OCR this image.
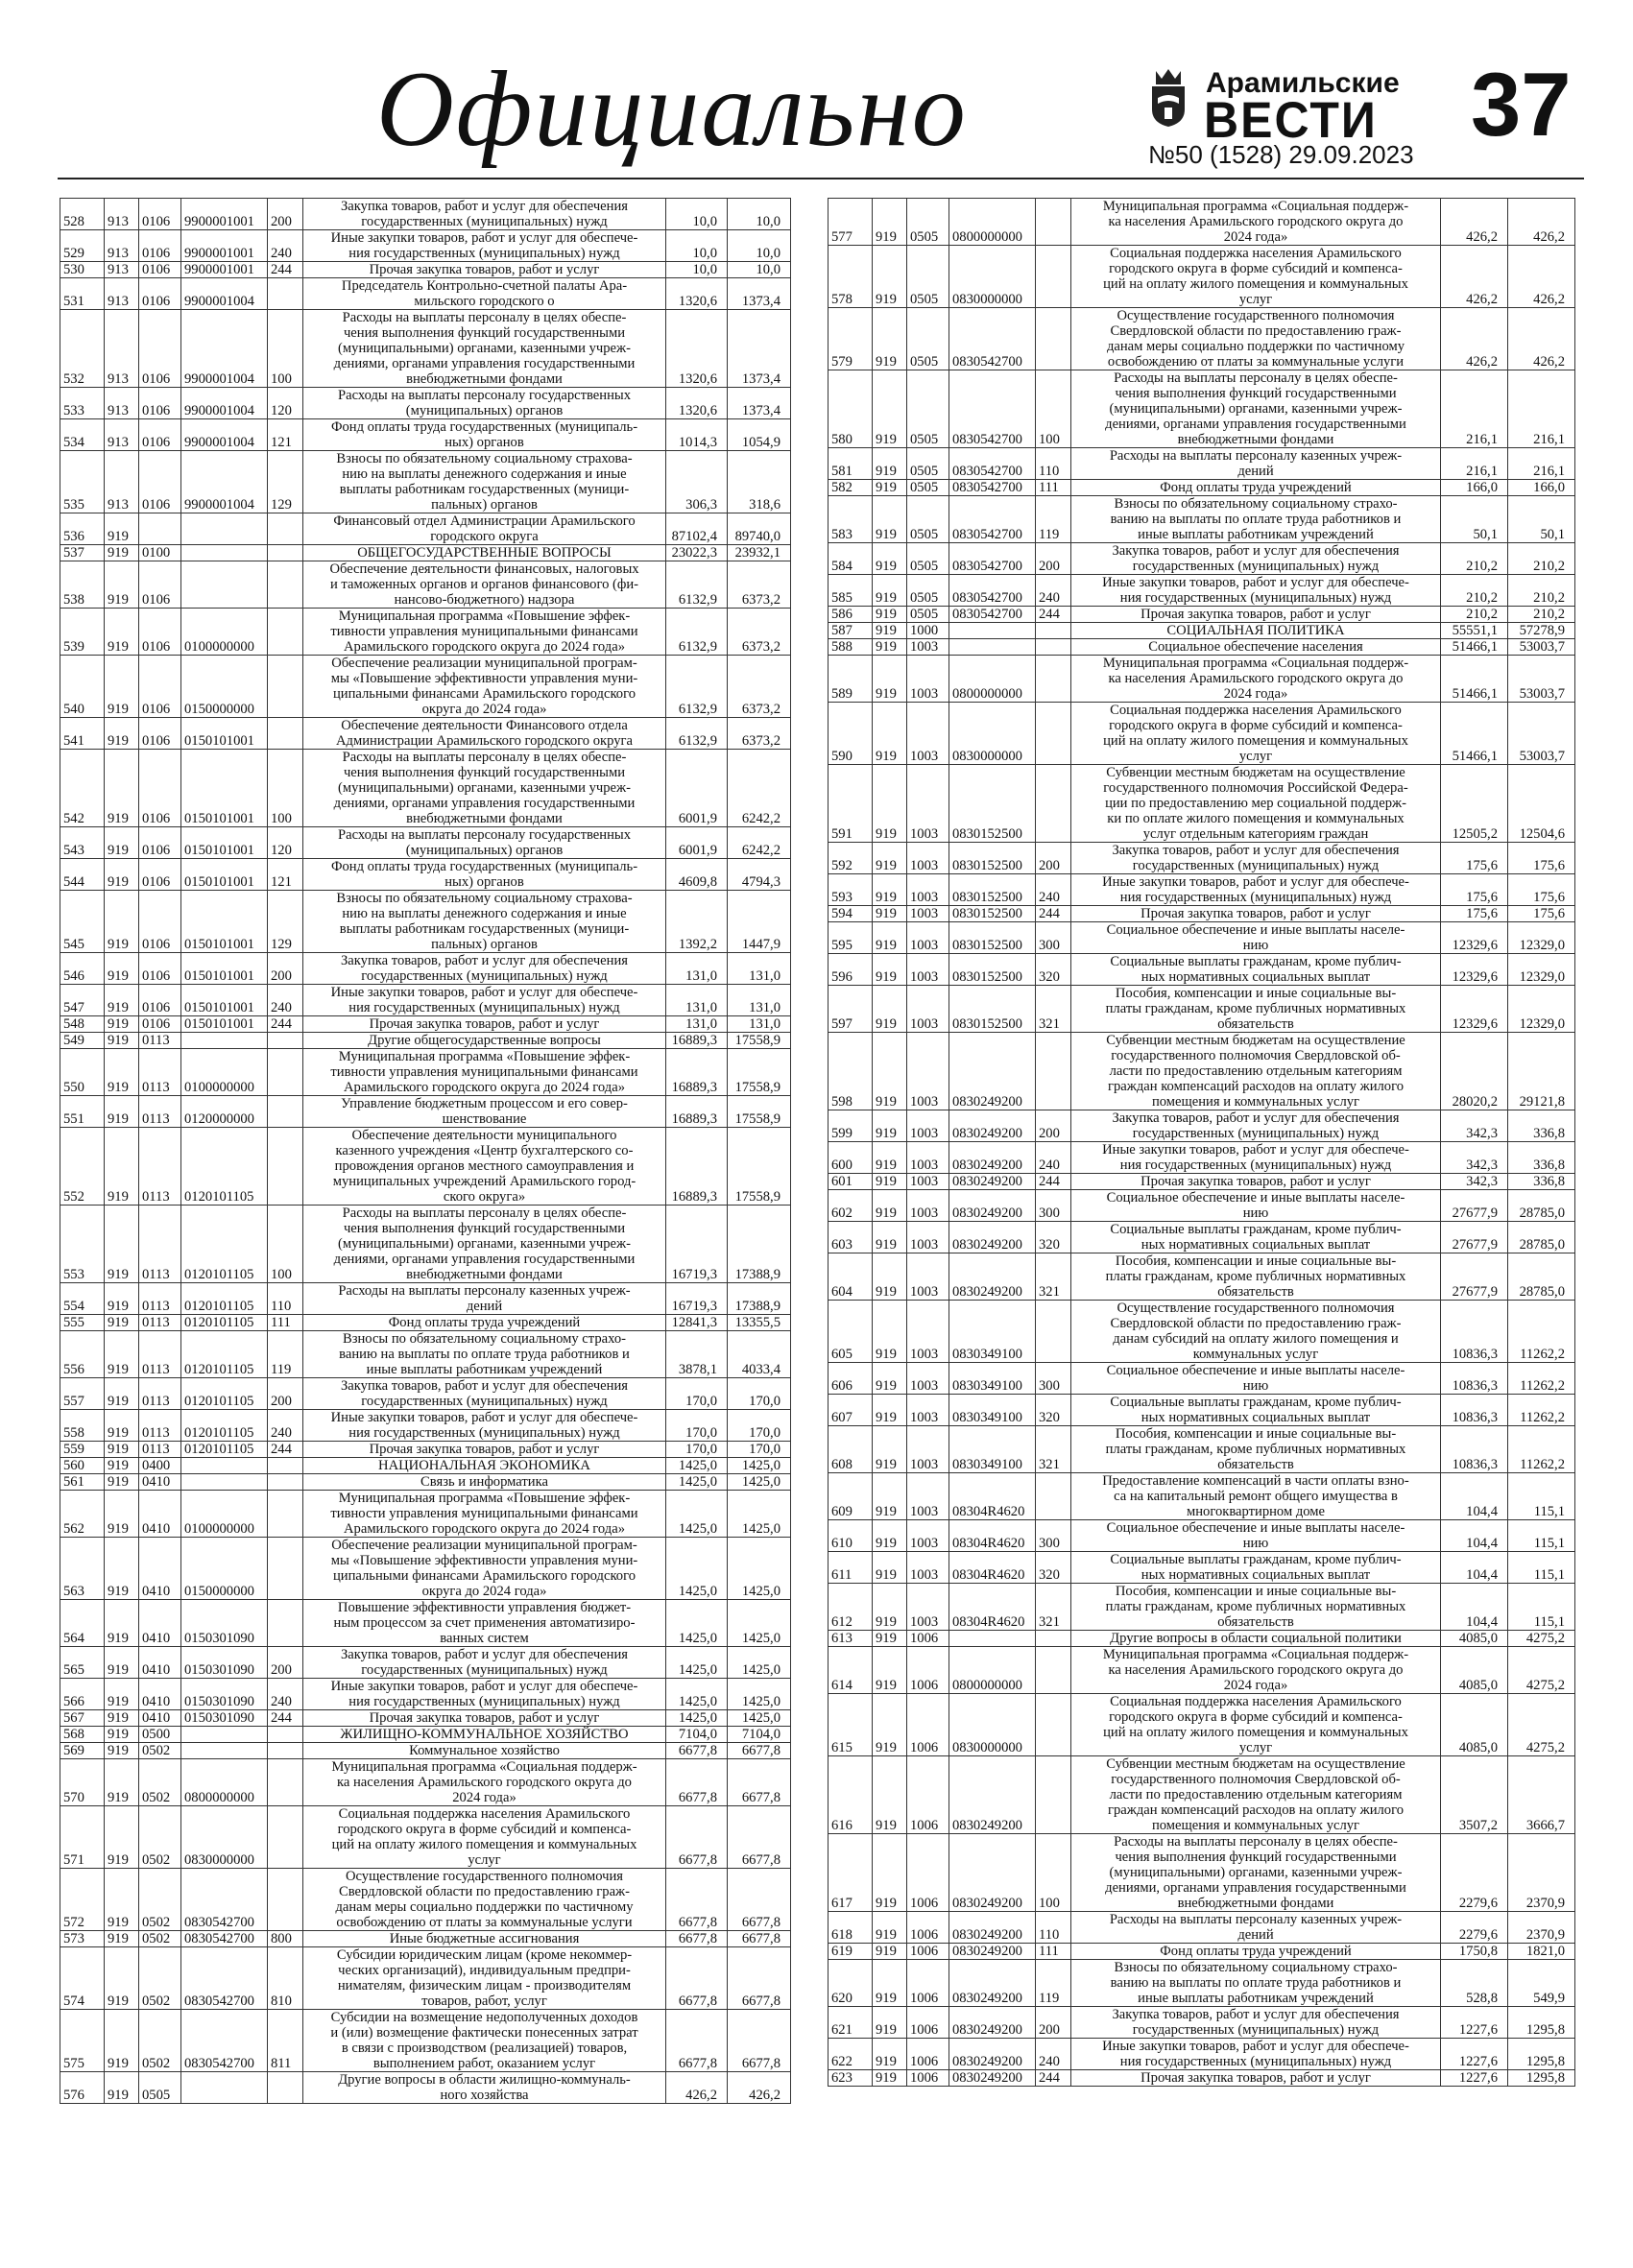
Официально	Арамильские
ВЕСТИ
№50 (1528) 29.09.2023 37
528	913	0106	9900001001	200	Закупка товаров, работ и услуг для обеспечения
государственных (муниципальных) нужд	10,0	10,0
529	913	0106	9900001001	240	Иные закупки товаров, работ и услуг для обеспече-
ния государственных (муниципальных) нужд	10,0	10,0
530	913	0106	9900001001	244	Прочая закупка товаров, работ и услуг	10,0	10,0
531	913	0106	9900001004		Председатель Контрольно-счетной палаты Ара-
мильского городского о	1320,6	1373,4
532	913	0106	9900001004	100	Расходы на выплаты персоналу в целях обеспе-
чения выполнения функций государственными
(муниципальными) органами, казенными учреж-
дениями, органами управления государственными
внебюджетными фондами	1320,6	1373,4
533	913	0106	9900001004	120	Расходы на выплаты персоналу государственных
(муниципальных) органов	1320,6	1373,4
534	913	0106	9900001004	121	Фонд оплаты труда государственных (муниципаль-
ных) органов	1014,3	1054,9
535	913	0106	9900001004	129	Взносы по обязательному социальному страхова-
нию на выплаты денежного содержания и иные
выплаты работникам государственных (муници-
пальных) органов	306,3	318,6
536	919				Финансовый отдел Администрации Арамильского
городского округа	87102,4	89740,0
537	919	0100			ОБЩЕГОСУДАРСТВЕННЫЕ ВОПРОСЫ	23022,3	23932,1
538	919	0106			Обеспечение деятельности финансовых, налоговых
и таможенных органов и органов финансового (фи-
нансово-бюджетного) надзора	6132,9	6373,2
539	919	0106	0100000000		Муниципальная программа «Повышение эффек-
тивности управления муниципальными финансами
Арамильского городского округа до 2024 года»	6132,9	6373,2
540	919	0106	0150000000		Обеспечение реализации муниципальной програм-
мы «Повышение эффективности управления муни-
ципальными финансами Арамильского городского
округа до 2024 года»	6132,9	6373,2
541	919	0106	0150101001		Обеспечение деятельности Финансового отдела
Администрации Арамильского городского округа	6132,9	6373,2
542	919	0106	0150101001	100	Расходы на выплаты персоналу в целях обеспе-
чения выполнения функций государственными
(муниципальными) органами, казенными учреж-
дениями, органами управления государственными
внебюджетными фондами	6001,9	6242,2
543	919	0106	0150101001	120	Расходы на выплаты персоналу государственных
(муниципальных) органов	6001,9	6242,2
544	919	0106	0150101001	121	Фонд оплаты труда государственных (муниципаль-
ных) органов	4609,8	4794,3
545	919	0106	0150101001	129	Взносы по обязательному социальному страхова-
нию на выплаты денежного содержания и иные
выплаты работникам государственных (муници-
пальных) органов	1392,2	1447,9
546	919	0106	0150101001	200	Закупка товаров, работ и услуг для обеспечения
государственных (муниципальных) нужд	131,0	131,0
547	919	0106	0150101001	240	Иные закупки товаров, работ и услуг для обеспече-
ния государственных (муниципальных) нужд	131,0	131,0
548	919	0106	0150101001	244	Прочая закупка товаров, работ и услуг	131,0	131,0
549	919	0113			Другие общегосударственные вопросы	16889,3	17558,9
550	919	0113	0100000000		Муниципальная программа «Повышение эффек-
тивности управления муниципальными финансами
Арамильского городского округа до 2024 года»	16889,3	17558,9
551	919	0113	0120000000		Управление бюджетным процессом и его совер-
шенствование	16889,3	17558,9
552	919	0113	0120101105		Обеспечение деятельности муниципального
казенного учреждения «Центр бухгалтерского со-
провождения органов местного самоуправления и
муниципальных учреждений Арамильского город-
ского округа»	16889,3	17558,9
553	919	0113	0120101105	100	Расходы на выплаты персоналу в целях обеспе-
чения выполнения функций государственными
(муниципальными) органами, казенными учреж-
дениями, органами управления государственными
внебюджетными фондами	16719,3	17388,9
554	919	0113	0120101105	110	Расходы на выплаты персоналу казенных учреж-
дений	16719,3	17388,9
555	919	0113	0120101105	111	Фонд оплаты труда учреждений	12841,3	13355,5
556	919	0113	0120101105	119	Взносы по обязательному социальному страхо-
ванию на выплаты по оплате труда работников и
иные выплаты работникам учреждений	3878,1	4033,4
557	919	0113	0120101105	200	Закупка товаров, работ и услуг для обеспечения
государственных (муниципальных) нужд	170,0	170,0
558	919	0113	0120101105	240	Иные закупки товаров, работ и услуг для обеспече-
ния государственных (муниципальных) нужд	170,0	170,0
559	919	0113	0120101105	244	Прочая закупка товаров, работ и услуг	170,0	170,0
560	919	0400			НАЦИОНАЛЬНАЯ ЭКОНОМИКА	1425,0	1425,0
561	919	0410			Связь и информатика	1425,0	1425,0
562	919	0410	0100000000		Муниципальная программа «Повышение эффек-
тивности управления муниципальными финансами
Арамильского городского округа до 2024 года»	1425,0	1425,0
563	919	0410	0150000000		Обеспечение реализации муниципальной програм-
мы «Повышение эффективности управления муни-
ципальными финансами Арамильского городского
округа до 2024 года»	1425,0	1425,0
564	919	0410	0150301090		Повышение эффективности управления бюджет-
ным процессом за счет применения автоматизиро-
ванных систем	1425,0	1425,0
565	919	0410	0150301090	200	Закупка товаров, работ и услуг для обеспечения
государственных (муниципальных) нужд	1425,0	1425,0
566	919	0410	0150301090	240	Иные закупки товаров, работ и услуг для обеспече-
ния государственных (муниципальных) нужд	1425,0	1425,0
567	919	0410	0150301090	244	Прочая закупка товаров, работ и услуг	1425,0	1425,0
568	919	0500			ЖИЛИЩНО-КОММУНАЛЬНОЕ ХОЗЯЙСТВО	7104,0	7104,0
569	919	0502			Коммунальное хозяйство	6677,8	6677,8
570	919	0502	0800000000		Муниципальная программа «Социальная поддерж-
ка населения Арамильского городского округа до
2024 года»	6677,8	6677,8
571	919	0502	0830000000		Социальная поддержка населения Арамильского
городского округа в форме субсидий и компенса-
ций на оплату жилого помещения и коммунальных
услуг	6677,8	6677,8
572	919	0502	0830542700		Осуществление государственного полномочия
Свердловской области по предоставлению граж-
данам меры социально поддержки по частичному
освобождению от платы за коммунальные услуги	6677,8	6677,8
573	919	0502	0830542700	800	Иные бюджетные ассигнования	6677,8	6677,8
574	919	0502	0830542700	810	Субсидии юридическим лицам (кроме некоммер-
ческих организаций), индивидуальным предпри-
нимателям, физическим лицам - производителям
товаров, работ, услуг	6677,8	6677,8
575	919	0502	0830542700	811	Субсидии на возмещение недополученных доходов
и (или) возмещение фактически понесенных затрат
в связи с производством (реализацией) товаров,
выполнением работ, оказанием услуг	6677,8	6677,8
576	919	0505			Другие вопросы в области жилищно-коммуналь-
ного хозяйства	426,2	426,2
577	919	0505	0800000000		Муниципальная программа «Социальная поддерж-
ка населения Арамильского городского округа до
2024 года»	426,2	426,2
578	919	0505	0830000000		Социальная поддержка населения Арамильского
городского округа в форме субсидий и компенса-
ций на оплату жилого помещения и коммунальных
услуг	426,2	426,2
579	919	0505	0830542700		Осуществление государственного полномочия
Свердловской области по предоставлению граж-
данам меры социально поддержки по частичному
освобождению от платы за коммунальные услуги	426,2	426,2
580	919	0505	0830542700	100	Расходы на выплаты персоналу в целях обеспе-
чения выполнения функций государственными
(муниципальными) органами, казенными учреж-
дениями, органами управления государственными
внебюджетными фондами	216,1	216,1
581	919	0505	0830542700	110	Расходы на выплаты персоналу казенных учреж-
дений	216,1	216,1
582	919	0505	0830542700	111	Фонд оплаты труда учреждений	166,0	166,0
583	919	0505	0830542700	119	Взносы по обязательному социальному страхо-
ванию на выплаты по оплате труда работников и
иные выплаты работникам учреждений	50,1	50,1
584	919	0505	0830542700	200	Закупка товаров, работ и услуг для обеспечения
государственных (муниципальных) нужд	210,2	210,2
585	919	0505	0830542700	240	Иные закупки товаров, работ и услуг для обеспече-
ния государственных (муниципальных) нужд	210,2	210,2
586	919	0505	0830542700	244	Прочая закупка товаров, работ и услуг	210,2	210,2
587	919	1000			СОЦИАЛЬНАЯ ПОЛИТИКА	55551,1	57278,9
588	919	1003			Социальное обеспечение населения	51466,1	53003,7
589	919	1003	0800000000		Муниципальная программа «Социальная поддерж-
ка населения Арамильского городского округа до
2024 года»	51466,1	53003,7
590	919	1003	0830000000		Социальная поддержка населения Арамильского
городского округа в форме субсидий и компенса-
ций на оплату жилого помещения и коммунальных
услуг	51466,1	53003,7
591	919	1003	0830152500		Субвенции местным бюджетам на осуществление
государственного полномочия Российской Федера-
ции по предоставлению мер социальной поддерж-
ки по оплате жилого помещения и коммунальных
услуг отдельным категориям граждан	12505,2	12504,6
592	919	1003	0830152500	200	Закупка товаров, работ и услуг для обеспечения
государственных (муниципальных) нужд	175,6	175,6
593	919	1003	0830152500	240	Иные закупки товаров, работ и услуг для обеспече-
ния государственных (муниципальных) нужд	175,6	175,6
594	919	1003	0830152500	244	Прочая закупка товаров, работ и услуг	175,6	175,6
595	919	1003	0830152500	300	Социальное обеспечение и иные выплаты населе-
нию	12329,6	12329,0
596	919	1003	0830152500	320	Социальные выплаты гражданам, кроме публич-
ных нормативных социальных выплат	12329,6	12329,0
597	919	1003	0830152500	321	Пособия, компенсации и иные социальные вы-
платы гражданам, кроме публичных нормативных
обязательств	12329,6	12329,0
598	919	1003	0830249200		Субвенции местным бюджетам на осуществление
государственного полномочия Свердловской об-
ласти по предоставлению отдельным категориям
граждан компенсаций расходов на оплату жилого
помещения и коммунальных услуг	28020,2	29121,8
599	919	1003	0830249200	200	Закупка товаров, работ и услуг для обеспечения
государственных (муниципальных) нужд	342,3	336,8
600	919	1003	0830249200	240	Иные закупки товаров, работ и услуг для обеспече-
ния государственных (муниципальных) нужд	342,3	336,8
601	919	1003	0830249200	244	Прочая закупка товаров, работ и услуг	342,3	336,8
602	919	1003	0830249200	300	Социальное обеспечение и иные выплаты населе-
нию	27677,9	28785,0
603	919	1003	0830249200	320	Социальные выплаты гражданам, кроме публич-
ных нормативных социальных выплат	27677,9	28785,0
604	919	1003	0830249200	321	Пособия, компенсации и иные социальные вы-
платы гражданам, кроме публичных нормативных
обязательств	27677,9	28785,0
605	919	1003	0830349100		Осуществление государственного полномочия
Свердловской области по предоставлению граж-
данам субсидий на оплату жилого помещения и
коммунальных услуг	10836,3	11262,2
606	919	1003	0830349100	300	Социальное обеспечение и иные выплаты населе-
нию	10836,3	11262,2
607	919	1003	0830349100	320	Социальные выплаты гражданам, кроме публич-
ных нормативных социальных выплат	10836,3	11262,2
608	919	1003	0830349100	321	Пособия, компенсации и иные социальные вы-
платы гражданам, кроме публичных нормативных
обязательств	10836,3	11262,2
609	919	1003	08304R4620		Предоставление компенсаций в части оплаты взно-
са на капитальный ремонт общего имущества в
многоквартирном доме	104,4	115,1
610	919	1003	08304R4620	300	Социальное обеспечение и иные выплаты населе-
нию	104,4	115,1
611	919	1003	08304R4620	320	Социальные выплаты гражданам, кроме публич-
ных нормативных социальных выплат	104,4	115,1
612	919	1003	08304R4620	321	Пособия, компенсации и иные социальные вы-
платы гражданам, кроме публичных нормативных
обязательств	104,4	115,1
613	919	1006			Другие вопросы в области социальной политики	4085,0	4275,2
614	919	1006	0800000000		Муниципальная программа «Социальная поддерж-
ка населения Арамильского городского округа до
2024 года»	4085,0	4275,2
615	919	1006	0830000000		Социальная поддержка населения Арамильского
городского округа в форме субсидий и компенса-
ций на оплату жилого помещения и коммунальных
услуг	4085,0	4275,2
616	919	1006	0830249200		Субвенции местным бюджетам на осуществление
государственного полномочия Свердловской об-
ласти по предоставлению отдельным категориям
граждан компенсаций расходов на оплату жилого
помещения и коммунальных услуг	3507,2	3666,7
617	919	1006	0830249200	100	Расходы на выплаты персоналу в целях обеспе-
чения выполнения функций государственными
(муниципальными) органами, казенными учреж-
дениями, органами управления государственными
внебюджетными фондами	2279,6	2370,9
618	919	1006	0830249200	110	Расходы на выплаты персоналу казенных учреж-
дений	2279,6	2370,9
619	919	1006	0830249200	111	Фонд оплаты труда учреждений	1750,8	1821,0
620	919	1006	0830249200	119	Взносы по обязательному социальному страхо-
ванию на выплаты по оплате труда работников и
иные выплаты работникам учреждений	528,8	549,9
621	919	1006	0830249200	200	Закупка товаров, работ и услуг для обеспечения
государственных (муниципальных) нужд	1227,6	1295,8
622	919	1006	0830249200	240	Иные закупки товаров, работ и услуг для обеспече-
ния государственных (муниципальных) нужд	1227,6	1295,8
623	919	1006	0830249200	244	Прочая закупка товаров, работ и услуг	1227,6	1295,8
